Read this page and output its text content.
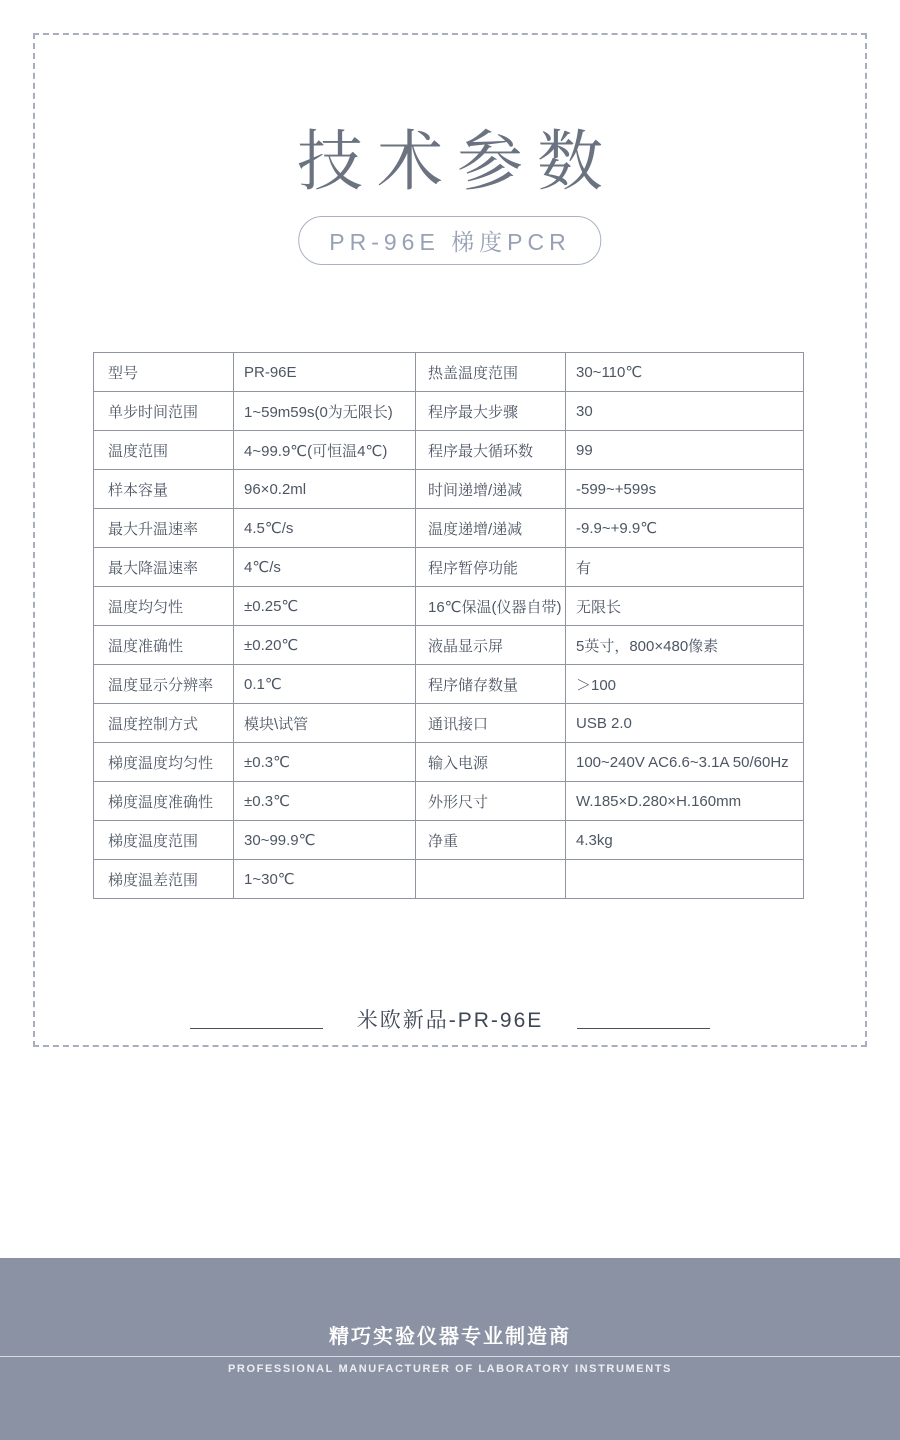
技术参数
PR-96E 梯度PCR
型号	PR-96E	热盖温度范围	30~110℃
单步时间范围	1~59m59s(0为无限长)	程序最大步骤	30
温度范围	4~99.9℃(可恒温4℃)	程序最大循环数	99
样本容量	96×0.2ml	时间递增/递减	-599~+599s
最大升温速率	4.5℃/s	温度递增/递减	-9.9~+9.9℃
最大降温速率	4℃/s	程序暂停功能	有
温度均匀性	±0.25℃	16℃保温(仪器自带)	无限长
温度准确性	±0.20℃	液晶显示屏	5英寸，800×480像素
温度显示分辨率	0.1℃	程序储存数量	＞100
温度控制方式	模块\试管	通讯接口	USB 2.0
梯度温度均匀性	±0.3℃	输入电源	100~240V AC6.6~3.1A 50/60Hz
梯度温度准确性	±0.3℃	外形尺寸	W.185×D.280×H.160mm
梯度温度范围	30~99.9℃	净重	4.3kg
梯度温差范围	1~30℃		
米欧新品-PR-96E
精巧实验仪器专业制造商
PROFESSIONAL MANUFACTURER OF LABORATORY INSTRUMENTS
